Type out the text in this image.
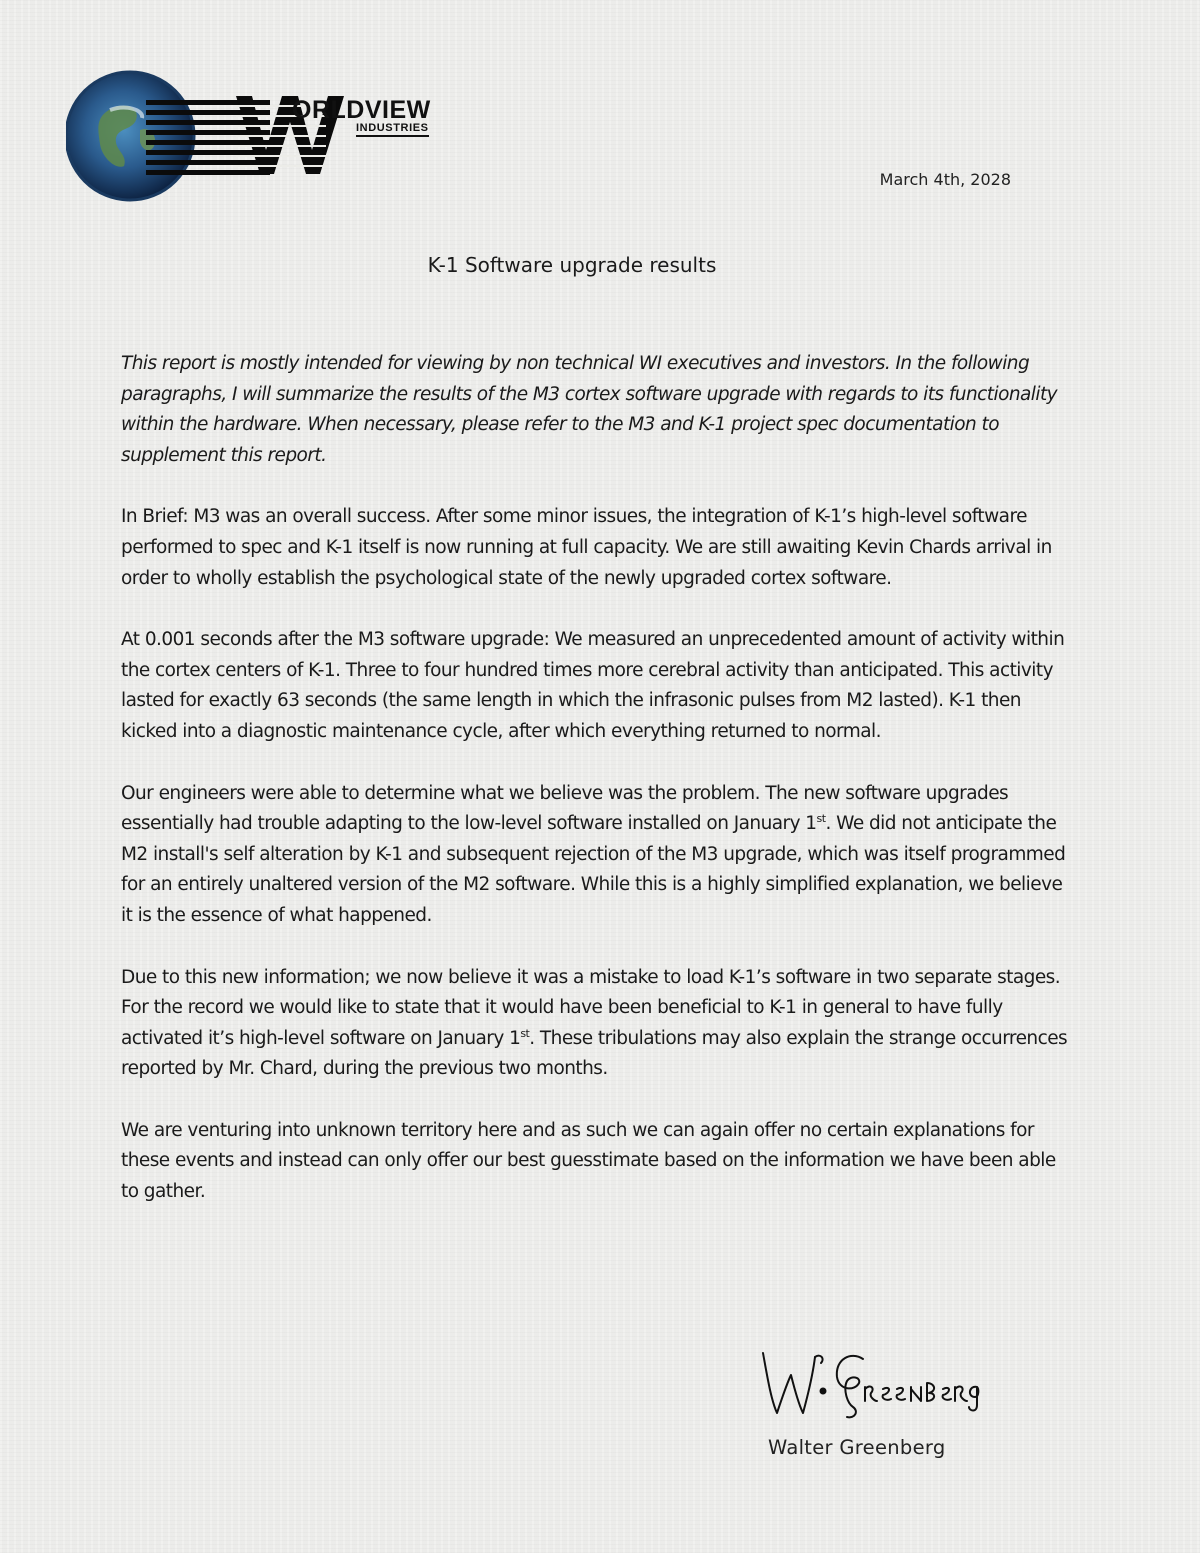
ORLDVIEW
INDUSTRIES
March 4th, 2028
K-1 Software upgrade results

This report is mostly intended for viewing by non technical WI executives and investors. In the following paragraphs, I will summarize the results of the M3 cortex software upgrade with regards to its functionality within the hardware. When necessary, please refer to the M3 and K-1 project spec documentation to supplement this report.

In Brief: M3 was an overall success. After some minor issues, the integration of K-1’s high-level software performed to spec and K-1 itself is now running at full capacity. We are still awaiting Kevin Chards arrival in order to wholly establish the psychological state of the newly upgraded cortex software.

At 0.001 seconds after the M3 software upgrade: We measured an unprecedented amount of activity within the cortex centers of K-1. Three to four hundred times more cerebral activity than anticipated. This activity lasted for exactly 63 seconds (the same length in which the infrasonic pulses from M2 lasted). K-1 then kicked into a diagnostic maintenance cycle, after which everything returned to normal.

Our engineers were able to determine what we believe was the problem. The new software upgrades essentially had trouble adapting to the low-level software installed on January 1st. We did not anticipate the M2 install's self alteration by K-1 and subsequent rejection of the M3 upgrade, which was itself programmed for an entirely unaltered version of the M2 software. While this is a highly simplified explanation, we believe it is the essence of what happened.

Due to this new information; we now believe it was a mistake to load K-1’s software in two separate stages. For the record we would like to state that it would have been beneficial to K-1 in general to have fully activated it’s high-level software on January 1st. These tribulations may also explain the strange occurrences reported by Mr. Chard, during the previous two months.

We are venturing into unknown territory here and as such we can again offer no certain explanations for these events and instead can only offer our best guesstimate based on the information we have been able to gather.

Walter Greenberg
